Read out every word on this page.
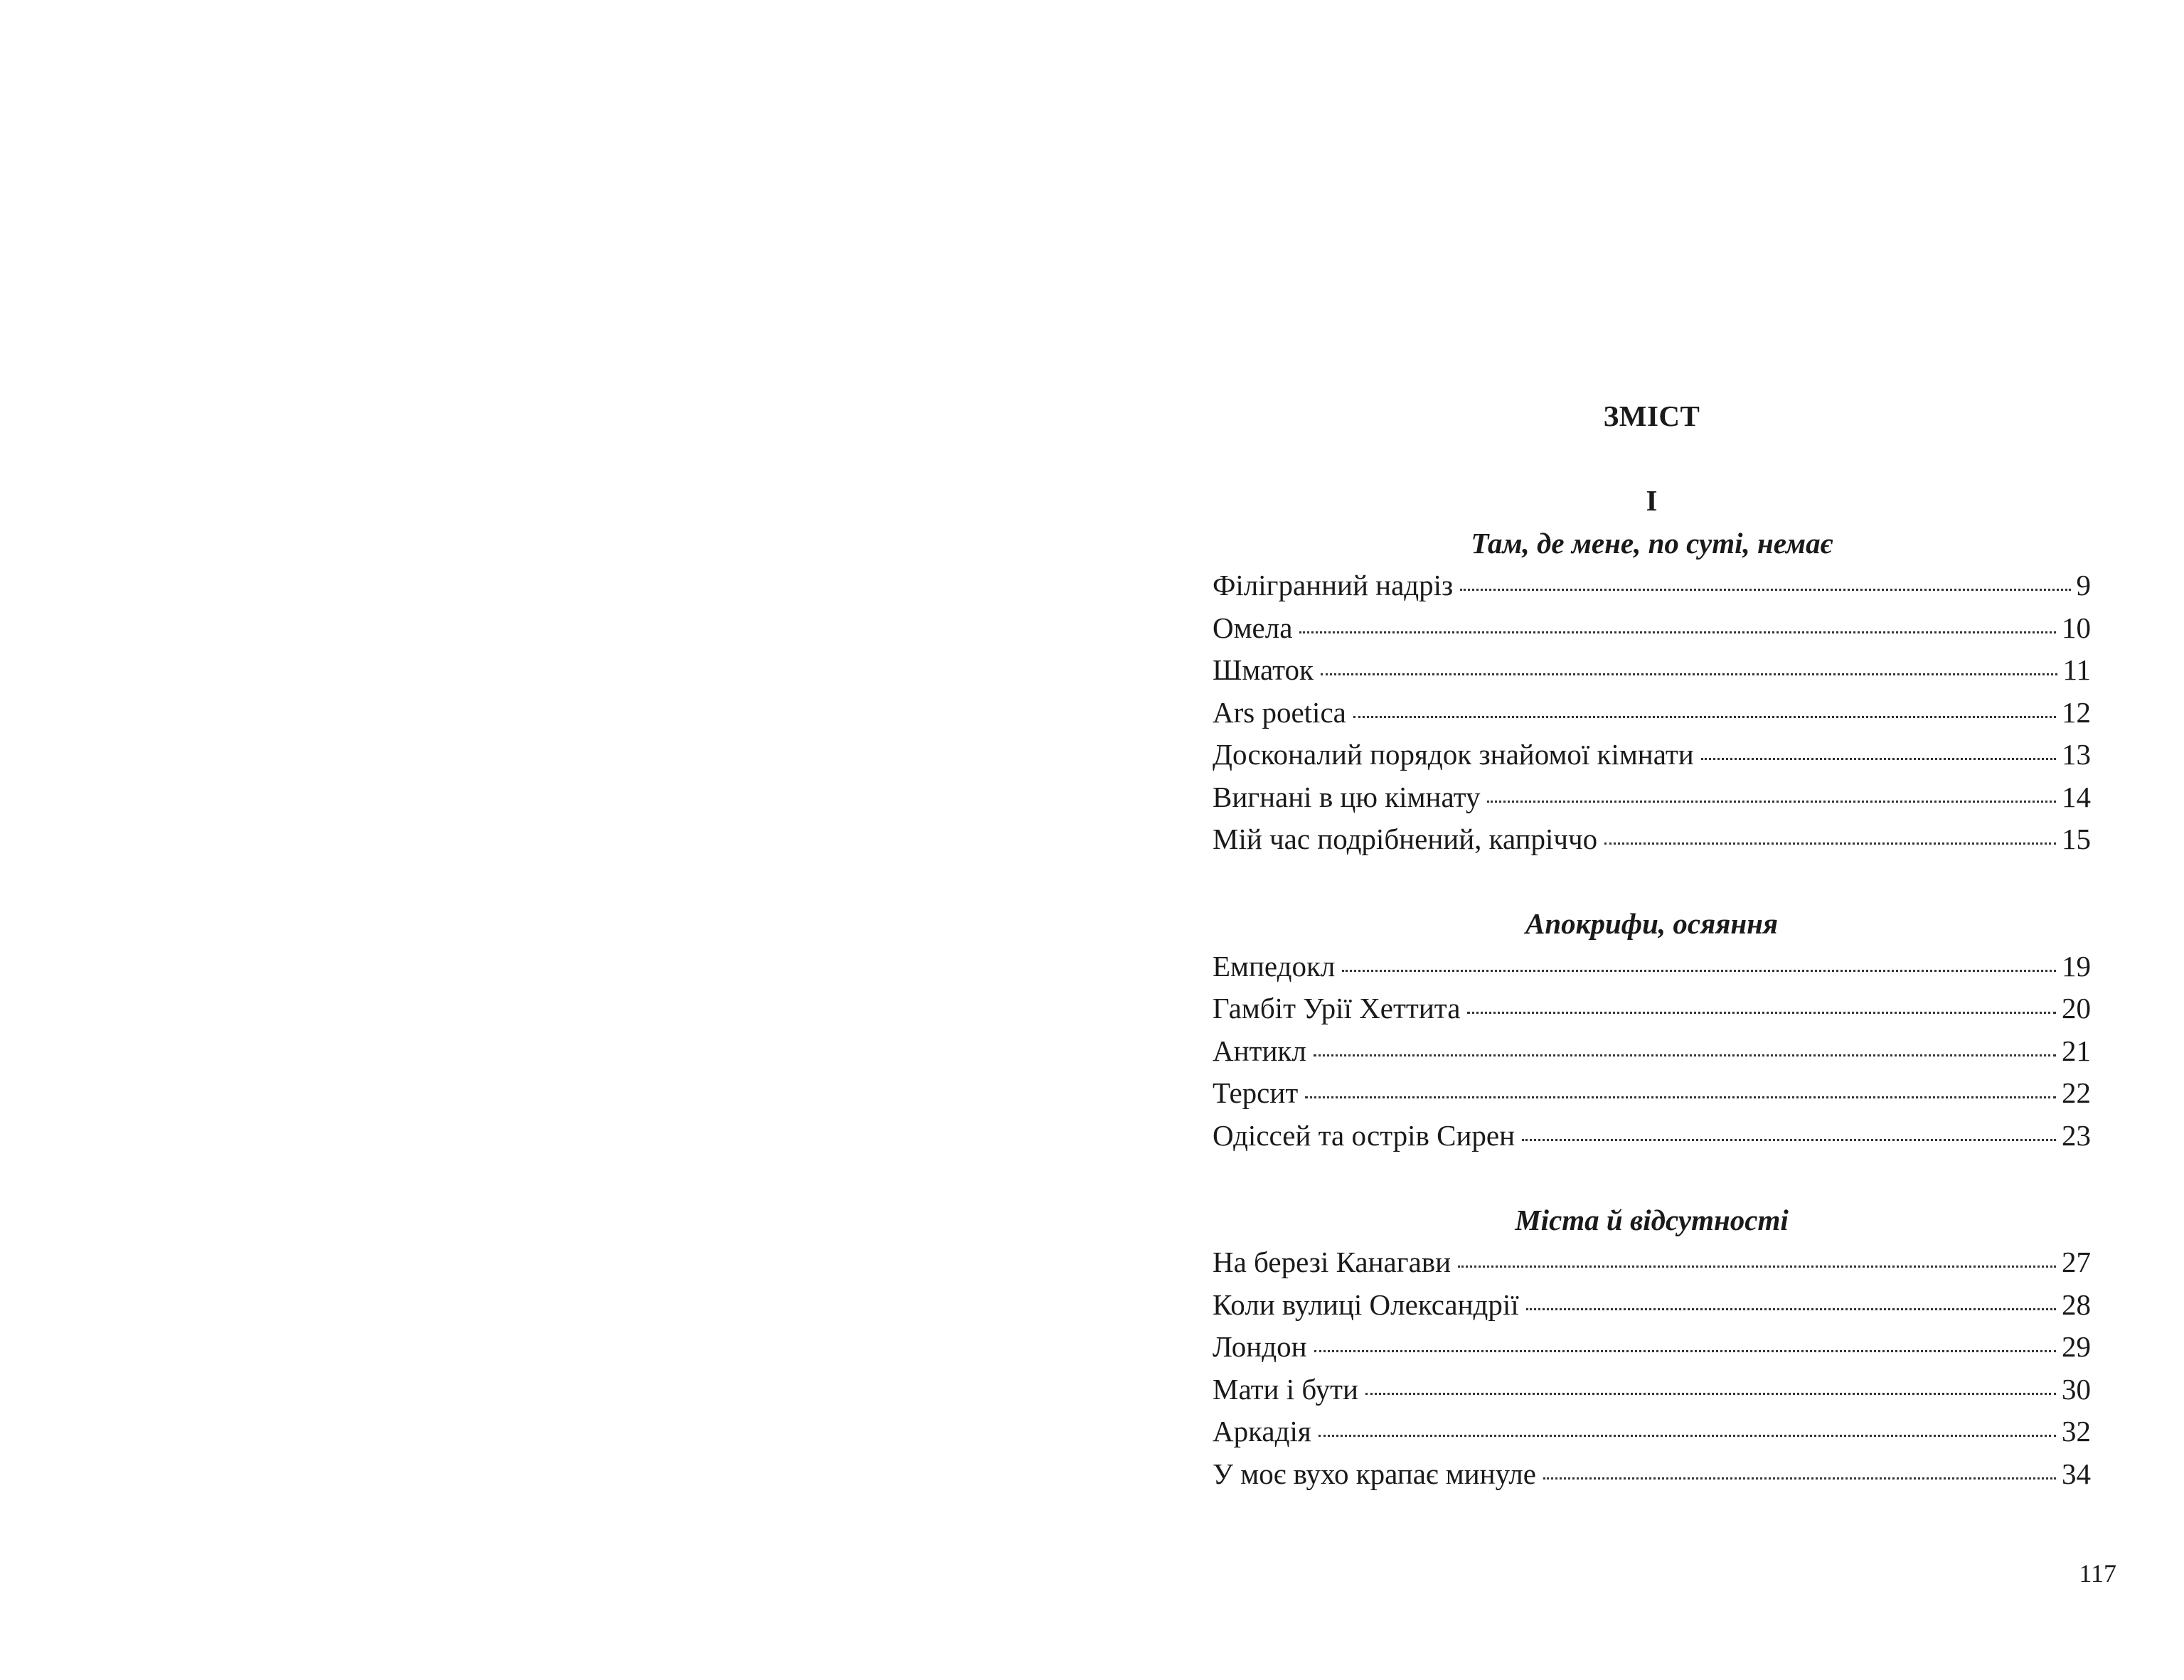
ЗМІСТ
I
Там, де мене, по суті, немає
Філігранний надріз	9
Омела	10
Шматок	11
Ars poetica	12
Досконалий порядок знайомої кімнати	13
Вигнані в цю кімнату	14
Мій час подрібнений, капріччо	15
Апокрифи, осяяння
Емпедокл	19
Гамбіт Урії Хеттита	20
Антикл	21
Терсит	22
Одіссей та острів Сирен	23
Міста й відсутності
На березі Канагави	27
Коли вулиці Олександрії	28
Лондон	29
Мати і бути	30
Аркадія	32
У моє вухо крапає минуле	34
117
